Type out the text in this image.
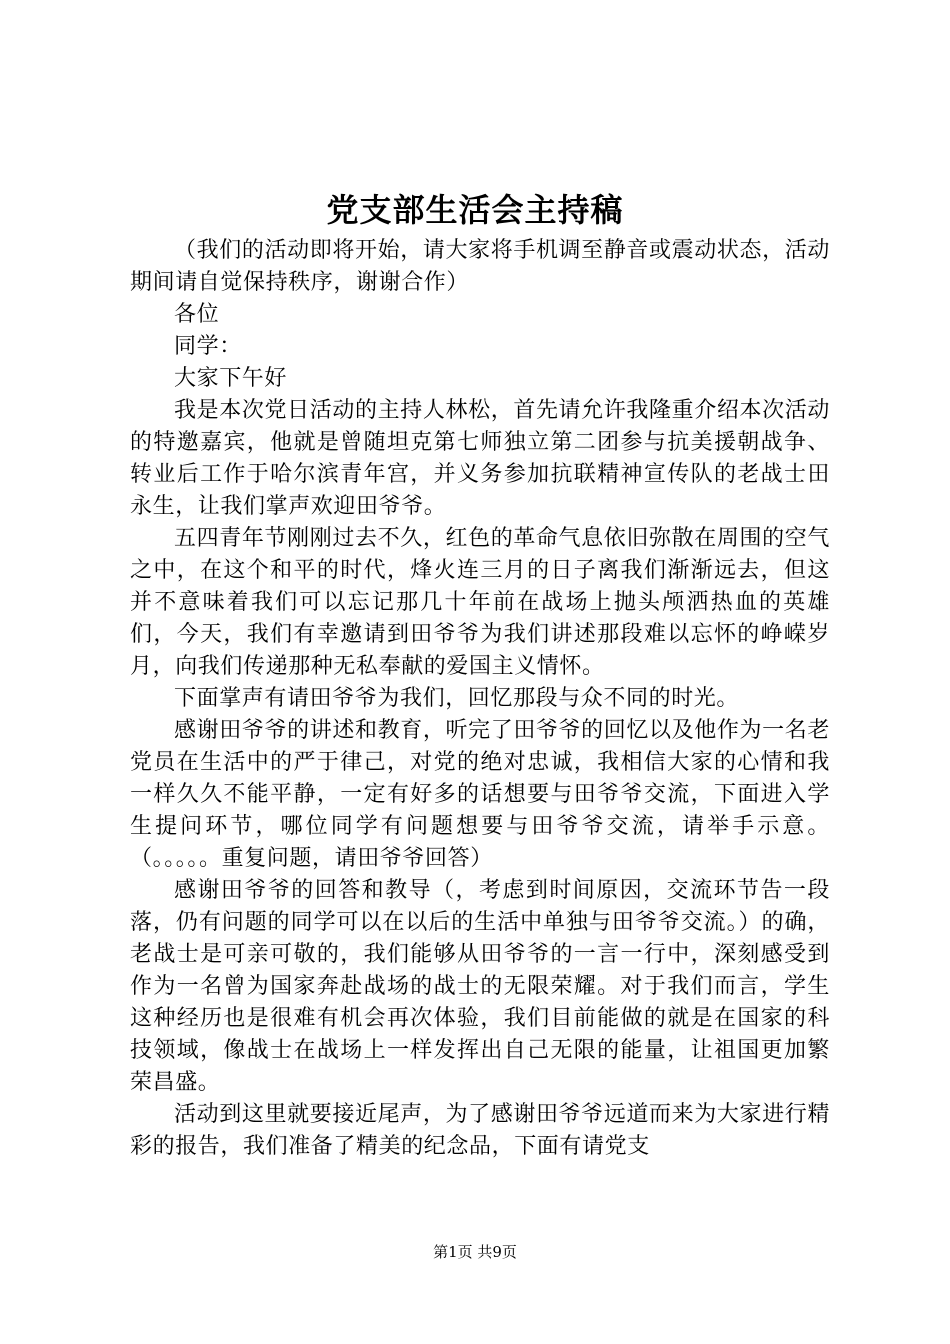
党支部生活会主持稿

（我们的活动即将开始，请大家将手机调至静音或震动状态，活动期间请自觉保持秩序，谢谢合作）

各位

同学：

大家下午好

我是本次党日活动的主持人林松，首先请允许我隆重介绍本次活动的特邀嘉宾，他就是曾随坦克第七师独立第二团参与抗美援朝战争、转业后工作于哈尔滨青年宫，并义务参加抗联精神宣传队的老战士田永生，让我们掌声欢迎田爷爷。

五四青年节刚刚过去不久，红色的革命气息依旧弥散在周围的空气之中，在这个和平的时代，烽火连三月的日子离我们渐渐远去，但这并不意味着我们可以忘记那几十年前在战场上抛头颅洒热血的英雄们，今天，我们有幸邀请到田爷爷为我们讲述那段难以忘怀的峥嵘岁月，向我们传递那种无私奉献的爱国主义情怀。

下面掌声有请田爷爷为我们，回忆那段与众不同的时光。

感谢田爷爷的讲述和教育，听完了田爷爷的回忆以及他作为一名老党员在生活中的严于律己，对党的绝对忠诚，我相信大家的心情和我一样久久不能平静，一定有好多的话想要与田爷爷交流，下面进入学生提问环节，哪位同学有问题想要与田爷爷交流，请举手示意。（。。。。。重复问题，请田爷爷回答）

感谢田爷爷的回答和教导（，考虑到时间原因，交流环节告一段落，仍有问题的同学可以在以后的生活中单独与田爷爷交流。）的确，老战士是可亲可敬的，我们能够从田爷爷的一言一行中，深刻感受到作为一名曾为国家奔赴战场的战士的无限荣耀。对于我们而言，学生这种经历也是很难有机会再次体验，我们目前能做的就是在国家的科技领域，像战士在战场上一样发挥出自己无限的能量，让祖国更加繁荣昌盛。

活动到这里就要接近尾声，为了感谢田爷爷远道而来为大家进行精彩的报告，我们准备了精美的纪念品，下面有请党支

第1页 共9页
